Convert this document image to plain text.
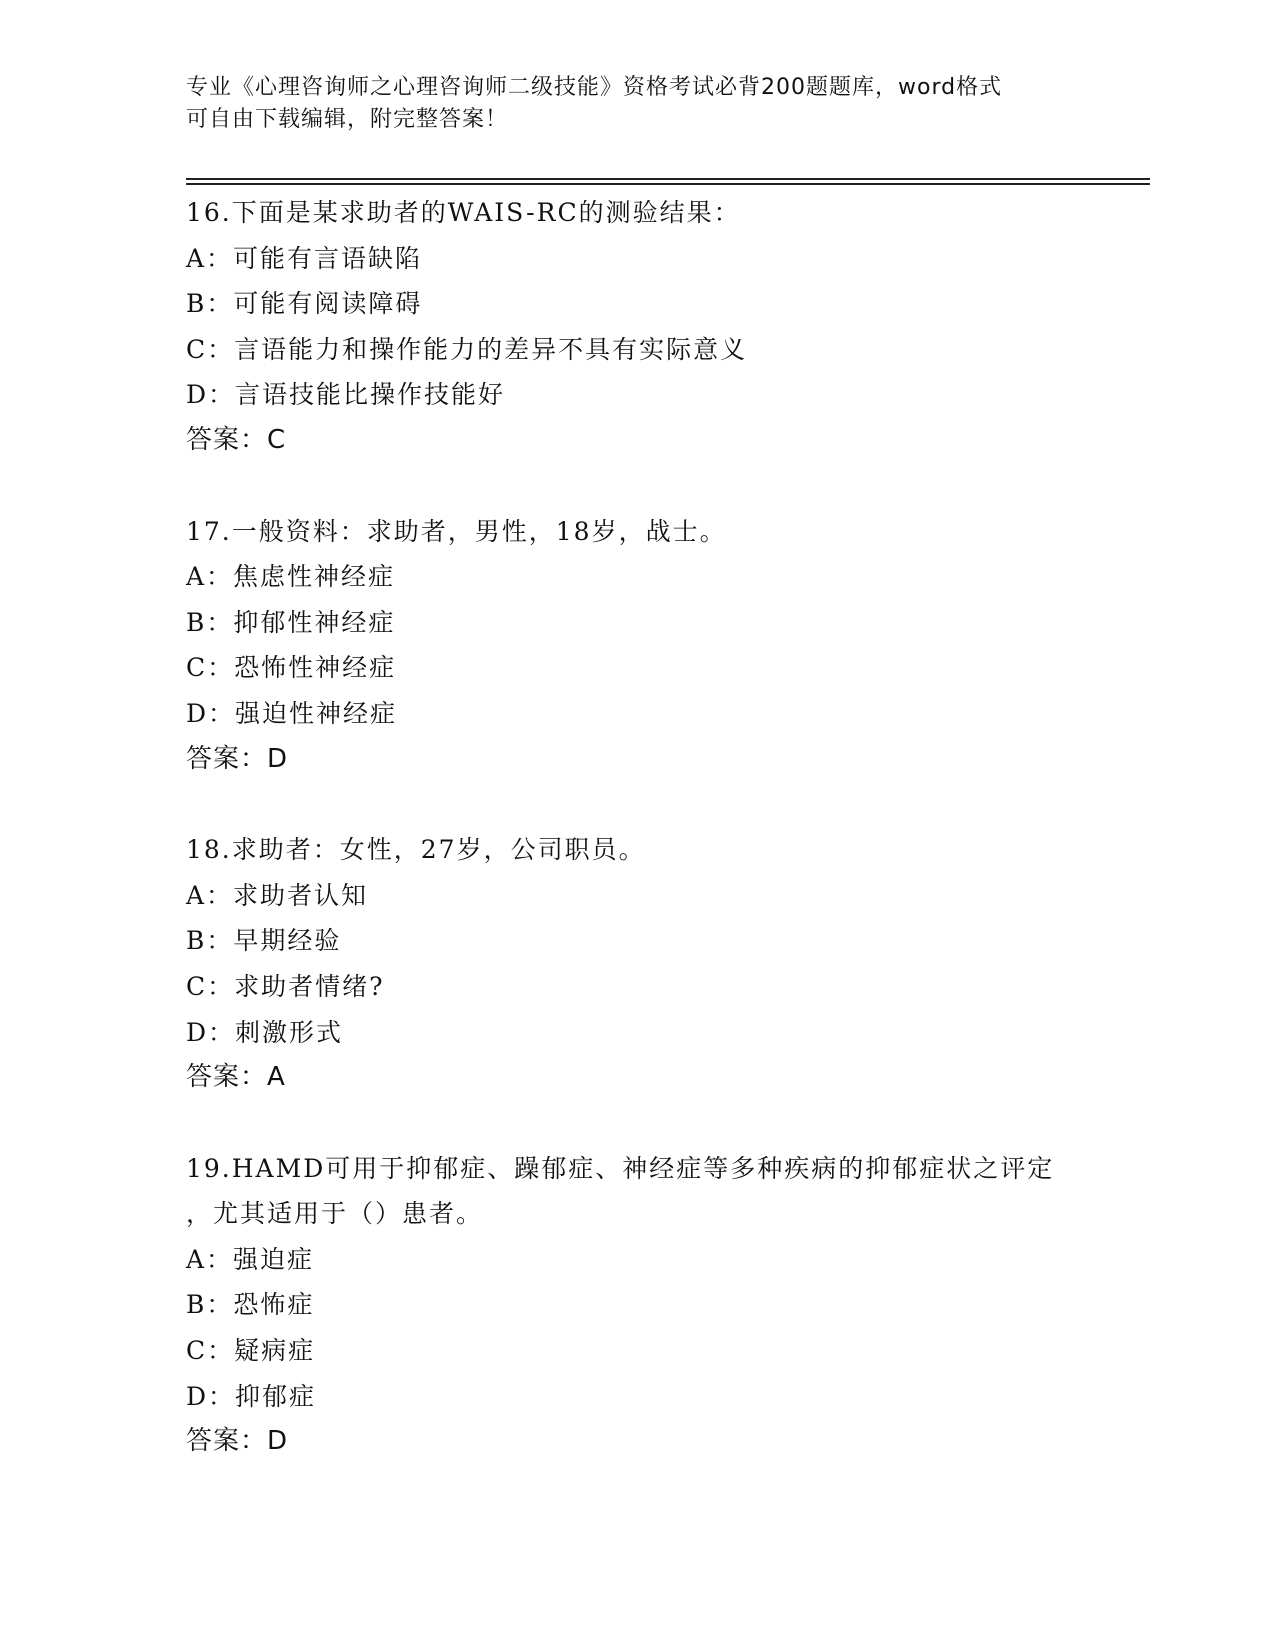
专业《心理咨询师之心理咨询师二级技能》资格考试必背200题题库，word格式
可自由下载编辑，附完整答案！
16.下面是某求助者的WAIS-RC的测验结果：
A：可能有言语缺陷
B：可能有阅读障碍
C：言语能力和操作能力的差异不具有实际意义
D：言语技能比操作技能好
答案：C
17.一般资料：求助者，男性，18岁，战士。
A：焦虑性神经症
B：抑郁性神经症
C：恐怖性神经症
D：强迫性神经症
答案：D
18.求助者：女性，27岁，公司职员。
A：求助者认知
B：早期经验
C：求助者情绪?
D：刺激形式
答案：A
19.HAMD可用于抑郁症、躁郁症、神经症等多种疾病的抑郁症状之评定
，尤其适用于（）患者。
A：强迫症
B：恐怖症
C：疑病症
D：抑郁症
答案：D
